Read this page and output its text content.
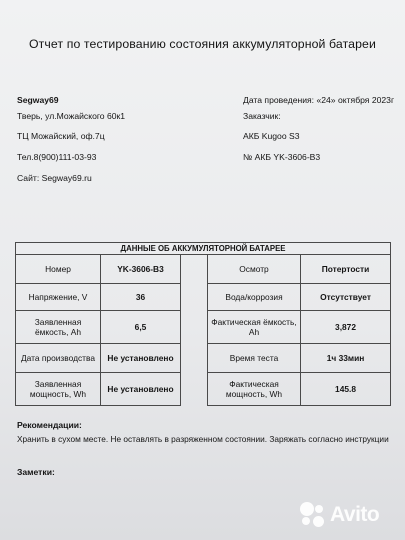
Отчет по тестированию состояния аккумуляторной батареи
Segway69
Тверь, ул.Можайского 60к1
ТЦ Можайский, оф.7ц
Тел.8(900)111-03-93
Сайт: Segway69.ru
Дата проведения: «24» октября 2023г
Заказчик:
АКБ Kugoo S3
№ АКБ YK-3606-B3
ДАННЫЕ ОБ АККУМУЛЯТОРНОЙ БАТАРЕЕ				
Номер	YK-3606-B3		Осмотр	Потертости
Напряжение, V	36		Вода/коррозия	Отсутствует
Заявленная ёмкость, Ah	6,5		Фактическая ёмкость, Ah	3,872
Дата производства	Не установлено		Время теста	1ч 33мин
Заявленная мощность, Wh	Не установлено		Фактическая мощность, Wh	145.8
Рекомендации:
Хранить в сухом месте. Не оставлять в разряженном состоянии. Заряжать согласно инструкции
Заметки:
Avito
